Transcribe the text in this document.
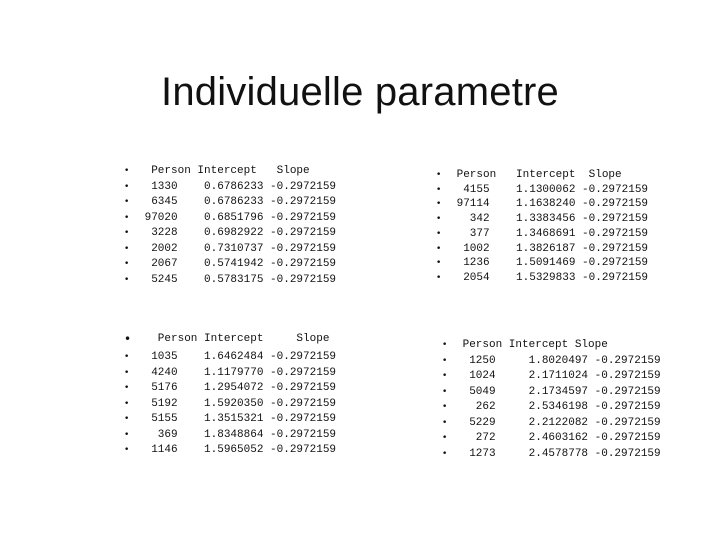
Individuelle parametre
• Person Intercept   Slope
• 1330    0.6786233 -0.2972159
• 6345    0.6786233 -0.2972159
• 97020    0.6851796 -0.2972159
• 3228    0.6982922 -0.2972159
• 2002    0.7310737 -0.2972159
• 2067    0.5741942 -0.2972159
• 5245    0.5783175 -0.2972159
• Person   Intercept  Slope
• 4155    1.1300062 -0.2972159
• 97114    1.1638240 -0.2972159
• 342    1.3383456 -0.2972159
• 377    1.3468691 -0.2972159
• 1002    1.3826187 -0.2972159
• 1236    1.5091469 -0.2972159
• 2054    1.5329833 -0.2972159
• Person Intercept     Slope
• 1035    1.6462484 -0.2972159
• 4240    1.1179770 -0.2972159
• 5176    1.2954072 -0.2972159
• 5192    1.5920350 -0.2972159
• 5155    1.3515321 -0.2972159
• 369    1.8348864 -0.2972159
• 1146    1.5965052 -0.2972159
• Person Intercept Slope
• 1250     1.8020497 -0.2972159
• 1024     2.1711024 -0.2972159
• 5049     2.1734597 -0.2972159
• 262     2.5346198 -0.2972159
• 5229     2.2122082 -0.2972159
• 272     2.4603162 -0.2972159
• 1273     2.4578778 -0.2972159
